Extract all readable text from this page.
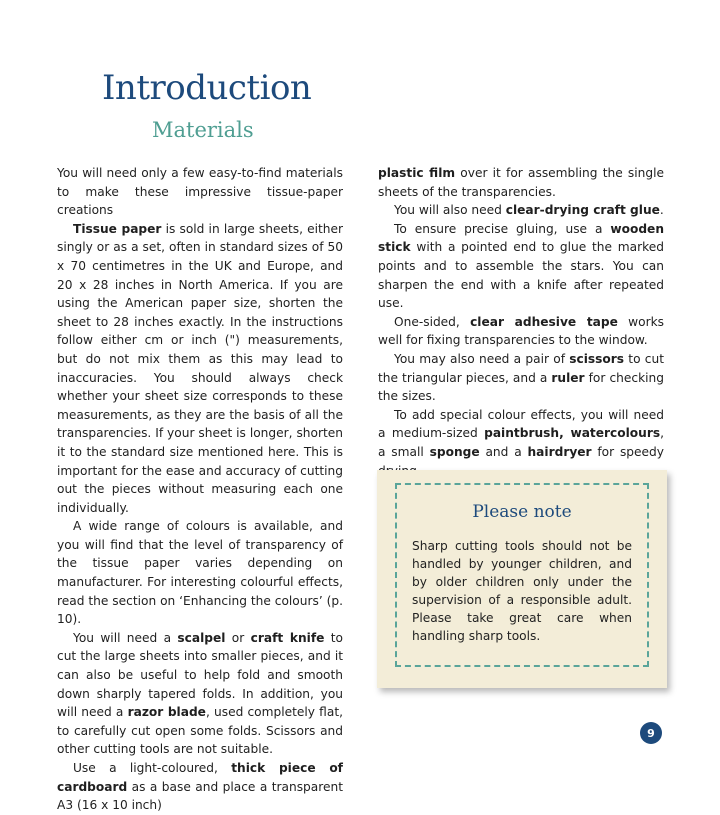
Introduction
Materials

You will need only a few easy-to-find materials to make these impressive tissue-paper creations

Tissue paper is sold in large sheets, either singly or as a set, often in standard sizes of 50 x 70 centimetres in the UK and Europe, and 20 x 28 inches in North America. If you are using the American paper size, shorten the sheet to 28 inches exactly. In the instructions follow either cm or inch (") measurements, but do not mix them as this may lead to inaccuracies. You should always check whether your sheet size corresponds to these measurements, as they are the basis of all the transparencies. If your sheet is longer, shorten it to the standard size mentioned here. This is important for the ease and accuracy of cutting out the pieces without measuring each one individually.

A wide range of colours is available, and you will find that the level of transparency of the tissue paper varies depending on manufacturer. For interesting colourful effects, read the section on ‘Enhancing the colours’ (p. 10).

You will need a scalpel or craft knife to cut the large sheets into smaller pieces, and it can also be useful to help fold and smooth down sharply tapered folds. In addition, you will need a razor blade, used completely flat, to carefully cut open some folds. Scissors and other cutting tools are not suitable.

Use a light-coloured, thick piece of cardboard as a base and place a transparent A3 (16 x 10 inch)

plastic film over it for assembling the single sheets of the transparencies.

You will also need clear-drying craft glue.

To ensure precise gluing, use a wooden stick with a pointed end to glue the marked points and to assemble the stars. You can sharpen the end with a knife after repeated use.

One-sided, clear adhesive tape works well for fixing transparencies to the window.

You may also need a pair of scissors to cut the triangular pieces, and a ruler for checking the sizes.

To add special colour effects, you will need a medium-sized paintbrush, watercolours, a small sponge and a hairdryer for speedy

Please note

Sharp cutting tools should not be handled by younger children, and by older children only under the supervision of a responsible adult. Please take great care when handling sharp tools.

9
